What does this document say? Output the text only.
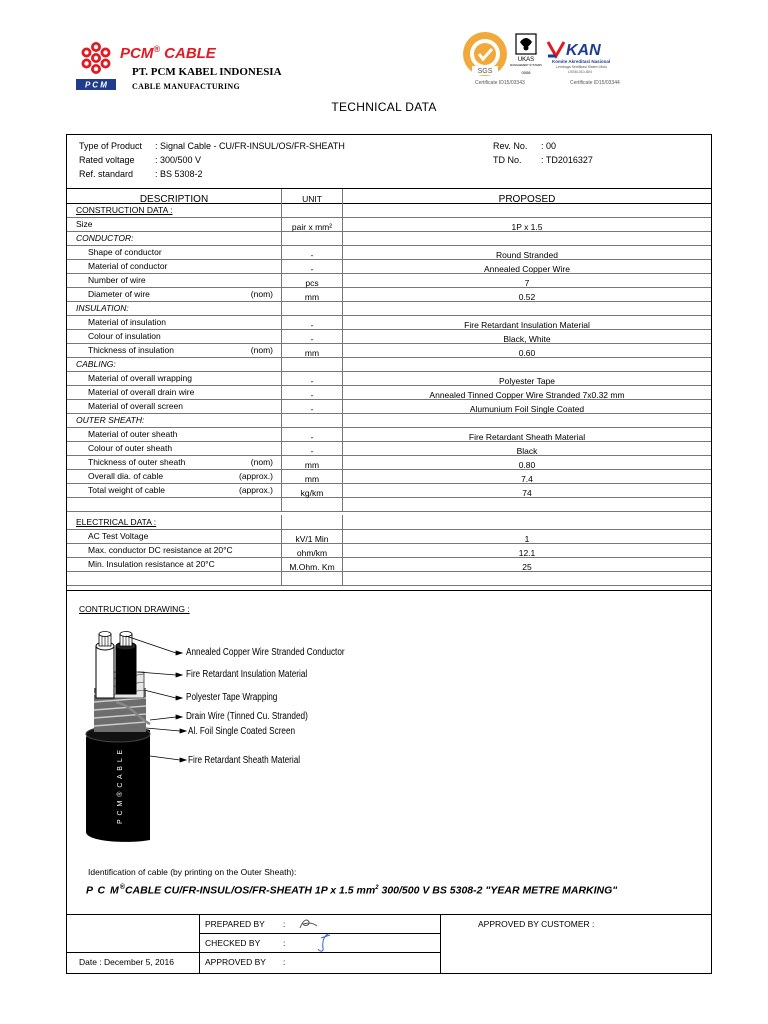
P C M
PCM® CABLE
PT. PCM KABEL INDONESIA
CABLE MANUFACTURING
SGS
UKAS
MANAGEMENT SYSTEMS
0008
Certificate ID15/03343
KAN
Komite Akreditasi Nasional
Lembaga Sertifikasi Sistem Mutu
LSSM-010-IDN
Certificate ID15/03344
TECHNICAL DATA
Type of Product : Signal Cable - CU/FR-INSUL/OS/FR-SHEATH
Rated voltage : 300/500 V
Ref. standard : BS 5308-2
Rev. No. : 00
TD No. : TD2016327
DESCRIPTION	UNIT	PROPOSED
CONSTRUCTION DATA :
Size	pair x mm²	1P x 1.5
CONDUCTOR:
Shape of conductor	-	Round Stranded
Material of conductor	-	Annealed Copper Wire
Number of wire	pcs	7
Diameter of wire	(nom)	mm	0.52
INSULATION:
Material of insulation	-	Fire Retardant Insulation Material
Colour of insulation	-	Black, White
Thickness of insulation	(nom)	mm	0.60
CABLING:
Material of overall wrapping	-	Polyester Tape
Material of overall drain wire	-	Annealed Tinned Copper Wire Stranded 7x0.32 mm
Material of overall screen	-	Alumunium Foil Single Coated
OUTER SHEATH:
Material of outer sheath	-	Fire Retardant Sheath Material
Colour of outer sheath	-	Black
Thickness of outer sheath	(nom)	mm	0.80
Overall dia. of cable	(approx.)	mm	7.4
Total weight of cable	(approx.)	kg/km	74
ELECTRICAL DATA :
AC Test Voltage	kV/1 Min	1
Max. conductor DC resistance at 20°C	ohm/km	12.1
Min. Insulation resistance at 20°C	M.Ohm. Km	25
CONTRUCTION DRAWING :
P C M ® C A B L E
Annealed Copper Wire Stranded Conductor
Fire Retardant Insulation Material
Polyester Tape Wrapping
Drain Wire (Tinned Cu. Stranded)
Al. Foil Single Coated Screen
Fire Retardant Sheath Material
Identification of cable (by printing on the Outer Sheath):
P C M®CABLE CU/FR-INSUL/OS/FR-SHEATH 1P x 1.5 $mm^2$ 300/500 V BS 5308-2 "YEAR METRE MARKING"
PREPARED BY :
CHECKED BY	:
Date : December 5, 2016	APPROVED BY :
APPROVED BY CUSTOMER :
